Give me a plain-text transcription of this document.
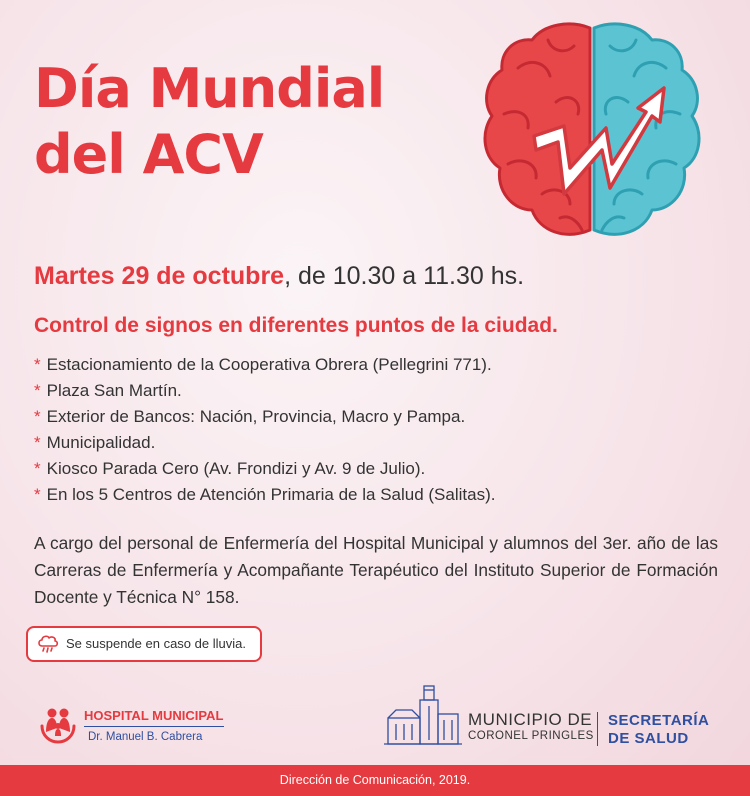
Día Mundial
del ACV
Martes 29 de octubre, de 10.30 a 11.30 hs.
Control de signos en diferentes puntos de la ciudad.
* Estacionamiento de la Cooperativa Obrera (Pellegrini 771).
* Plaza San Martín.
* Exterior de Bancos: Nación, Provincia, Macro y Pampa.
* Municipalidad.
* Kiosco Parada Cero (Av. Frondizi y Av. 9 de Julio).
* En los 5 Centros de Atención Primaria de la Salud (Salitas).

A cargo del personal de Enfermería del Hospital Municipal y alumnos del 3er. año de las Carreras de Enfermería y Acompañante Terapéutico del Instituto Superior de Formación Docente y Técnica N° 158.

Se suspende en caso de lluvia.
HOSPITAL MUNICIPAL
Dr. Manuel B. Cabrera
MUNICIPIO DE
CORONEL PRINGLES
SECRETARÍA
DE SALUD
Dirección de Comunicación, 2019.
